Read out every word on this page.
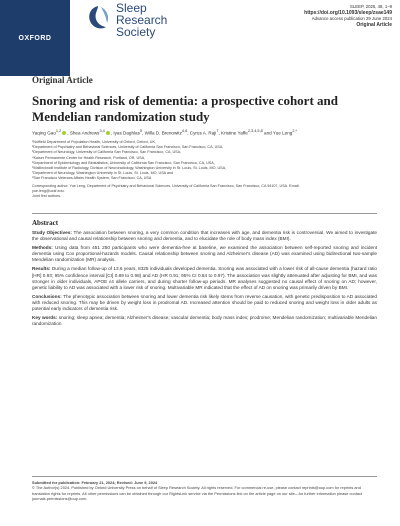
OXFORD
Sleep
Research
Society
SLEEP, 2025, 48, 1–9
https://doi.org/10.1093/sleep/zsae149
Advance access publication 29 June 2024
Original Article
Original Article
Snoring and risk of dementia: a prospective cohort and Mendelian randomization study
Yaqing Gao$^{1,2}$ , Shea Andrews$^{3,4}$ , Iyas Daghlas$^5$, Willa D. Brenowitz$^{4,6}$, Cyrus A. Raji$^7$, Kristine Yaffe$^{2,3,4,5,8}$ and Yue Leng$^{2,*}$
¹Nuffield Department of Population Health, University of Oxford, Oxford, UK,
²Department of Psychiatry and Behavioral Sciences, University of California San Francisco, San Francisco, CA, USA,
³Department of Neurology, University of California San Francisco, San Francisco, CA, USA,
⁴Kaiser Permanente Center for Health Research, Portland, OR, USA,
⁵Department of Epidemiology and Biostatistics, University of California San Francisco, San Francisco, CA, USA,
⁶Mallinckrodt Institute of Radiology, Division of Neuroradiology, Washington University in St. Louis, St. Louis, MO, USA,
⁷Department of Neurology, Washington University in St. Louis, St. Louis, MO, USA and
⁸San Francisco Veterans Affairs Health System, San Francisco, CA, USA
Corresponding author. Yue Leng, Department of Psychiatry and Behavioral Sciences, University of California San Francisco, San Francisco, CA 94107, USA. Email:
yue.leng@ucsf.edu.
Joint first authors.
Abstract

Study Objectives: The association between snoring, a very common condition that increases with age, and dementia risk is controversial. We aimed to investigate the observational and causal relationship between snoring and dementia, and to elucidate the role of body mass index (BMI).

Methods: Using data from 451 250 participants who were dementia-free at baseline, we examined the association between self-reported snoring and incident dementia using Cox proportional-hazards models. Causal relationship between snoring and Alzheimer's disease (AD) was examined using bidirectional two-sample Mendelian randomization (MR) analysis.

Results: During a median follow-up of 13.6 years, 8325 individuals developed dementia. Snoring was associated with a lower risk of all-cause dementia (hazard ratio [HR] 0.93; 95% confidence interval [CI] 0.89 to 0.98) and AD (HR 0.91; 95% CI 0.84 to 0.97). The association was slightly attenuated after adjusting for BMI, and was stronger in older individuals, APOE ε4 allele carriers, and during shorter follow-up periods. MR analyses suggested no causal effect of snoring on AD; however, genetic liability to AD was associated with a lower risk of snoring. Multivariable MR indicated that the effect of AD on snoring was primarily driven by BMI.

Conclusions: The phenotypic association between snoring and lower dementia risk likely stems from reverse causation, with genetic predisposition to AD associated with reduced snoring. This may be driven by weight loss in prodromal AD. Increased attention should be paid to reduced snoring and weight loss in older adults as potential early indicators of dementia risk.

Key words: snoring; sleep apnea; dementia; Alzheimer's disease; vascular dementia; body mass index; prodrome; Mendelian randomization; multivariable Mendelian randomization

Submitted for publication: February 21, 2024; Revised: June 9, 2024
© The Author(s) 2024. Published by Oxford University Press on behalf of Sleep Research Society. All rights reserved. For commercial re-use, please contact reprints@oup.com for reprints and translation rights for reprints. All other permissions can be obtained through our RightsLink service via the Permissions link on the article page on our site—for further information please contact journals.permissions@oup.com.
